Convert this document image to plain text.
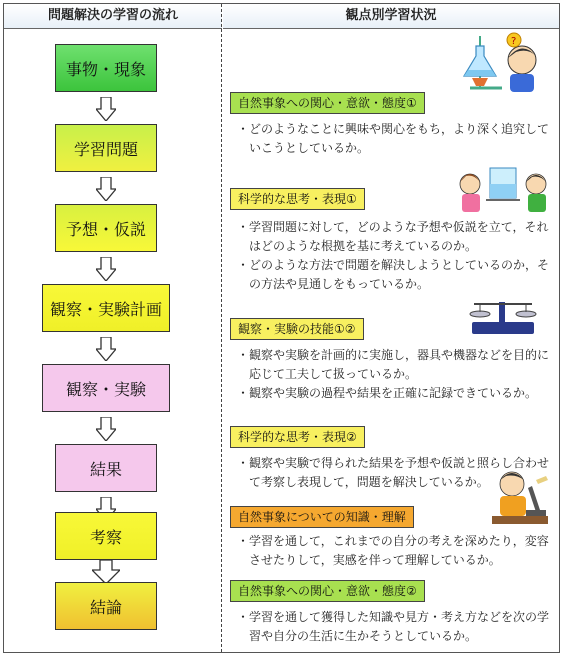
問題解決の学習の流れ	観点別学習状況
事物・現象
学習問題
予想・仮説
観察・実験計画
観察・実験
結果
考察
結論
自然事象への関心・意欲・態度①

・どのようなことに興味や関心をもち，より深く追究して

いこうとしているか。

科学的な思考・表現①

・学習問題に対して，どのような予想や仮説を立て，それ

はどのような根拠を基に考えているのか。

・どのような方法で問題を解決しようとしているのか，そ

の方法や見通しをもっているか。

観察・実験の技能①②

・観察や実験を計画的に実施し，器具や機器などを目的に

応じて工夫して扱っているか。

・観察や実験の過程や結果を正確に記録できているか。

科学的な思考・表現②

・観察や実験で得られた結果を予想や仮説と照らし合わせ

て考察し表現して，問題を解決しているか。

自然事象についての知識・理解

・学習を通して，これまでの自分の考えを深めたり，変容

させたりして，実感を伴って理解しているか。

自然事象への関心・意欲・態度②

・学習を通して獲得した知識や見方・考え方などを次の学

習や自分の生活に生かそうとしているか。

?
